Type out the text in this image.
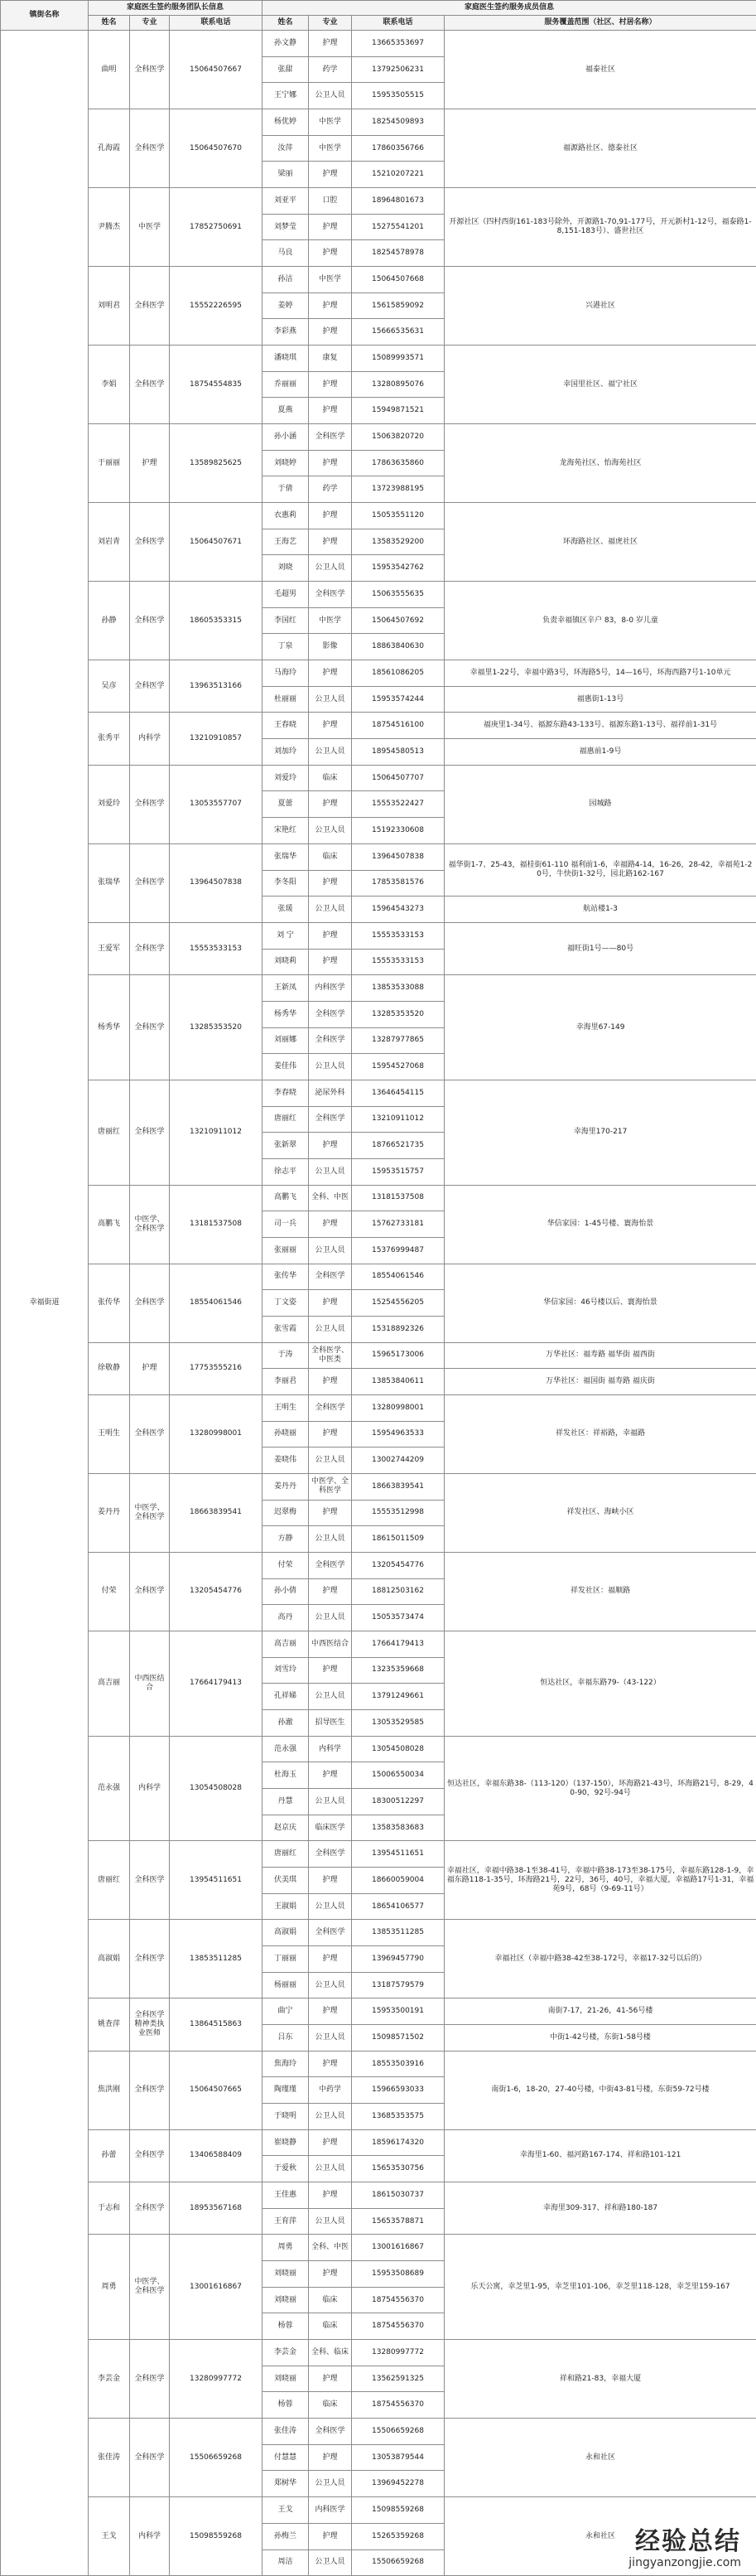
镇街名称	家庭医生签约服务团队长信息			家庭医生签约服务成员信息			
	姓名	专业	联系电话	姓名	专业	联系电话	服务覆盖范围（社区、村居名称）
幸福街道	曲明	全科医学	15064507667	孙文静	护理	13665353697	福泰社区
				张甜	药学	13792506231	
				王宁娜	公卫人员	15953505515	
	孔海霞	全科医学	15064507670	杨优婷	中医学	18254509893	福源路社区、德泰社区
				汝萍	中医学	17860356766	
				梁丽	护理	15210207221	
	尹腾杰	中医学	17852750691	刘亚平	口腔	18964801673	开源社区（四村西街161-183号除外，开源路1-70,91-177号，开元新村1-12号，福泰路1-8,151-183号）、盛世社区
				刘梦莹	护理	15275541201	
				马良	护理	18254578978	
	刘明君	全科医学	15552226595	孙洁	中医学	15064507668	兴港社区
				姜婷	护理	15615859092	
				李彩燕	护理	15666535631	
	李娟	全科医学	18754554835	潘晓琪	康复	15089993571	幸国里社区、福宁社区
				乔丽丽	护理	13280895076	
				夏燕	护理	15949871521	
	于丽丽	护理	13589825625	孙小涵	全科医学	15063820720	龙海苑社区、怡海苑社区
				刘晓婷	护理	17863635860	
				于倩	药学	13723988195	
	刘岩青	全科医学	15064507671	衣惠莉	护理	15053551120	环海路社区、福虎社区
				王海艺	护理	13583529200	
				刘晓	公卫人员	15953542762	
	孙静	全科医学	18605353315	毛超男	全科医学	15063555635	负责幸福镇区辛户 83，8-0 岁儿童
				李国红	中医学	15064507692	
				丁泉	影像	18863840630	
	吴彦	全科医学	13963513166	马海玲	护理	18561086205	幸福里1-22号，幸福中路3号，环海路5号，14—16号，环海西路7号1-10单元
				杜丽丽	公卫人员	15953574244	福惠街1-13号
	张秀平	内科学	13210910857	王春晓	护理	18754516100	福庚里1-34号、福源东路43-133号、福源东路1-13号、福祥前1-31号
				刘加玲	公卫人员	18954580513	福惠前1-9号
	刘爱玲	全科医学	13053557707	刘爱玲	临床	15064507707	园城路
				夏蕾	护理	15553522427	
				宋艳红	公卫人员	15192330608	
	张瑞华	全科医学	13964507838	张瑞华	临床	13964507838	福华街1-7、25-43，福桂街61-110 福利前1-6，幸福路4-14，16-26，28-42，幸福苑1-20号，牛快街1-32号，园北路162-167
				李冬阳	护理	17853581576	
				张瑗	公卫人员	15964543273	航站楼1-3
	王爱军	全科医学	15553533153	刘 宁	护理	15553533153	福旺街1号——80号
				刘晓莉	护理	15553533153	
	杨秀华	全科医学	13285353520	王新凤	内科医学	13853533088	幸海里67-149
				杨秀华	全科医学	13285353520	
				刘丽娜	全科医学	13287977865	
				姜佳伟	公卫人员	15954527068	
	唐丽红	全科医学	13210911012	李春晓	泌尿外科	13646454115	幸海里170-217
				唐丽红	全科医学	13210911012	
				张新翠	护理	18766521735	
				徐志平	公卫人员	15953515757	
	高鹏飞	中医学、全科医学	13181537508	高鹏飞	全科、中医	13181537508	华信家园：1-45号楼、寰海怡景
				司一兵	护理	15762733181	
				张丽丽	公卫人员	15376999487	
	张传华	全科医学	18554061546	张传华	全科医学	18554061546	华信家园：46号楼以后、寰海怡景
				丁文姿	护理	15254556205	
				张雪霞	公卫人员	15318892326	
	徐敬静	护理	17753555216	于涛	全科医学、中医类	15965173006	万华社区：福寿路 福华街 福西街
				李丽君	护理	13853840611	万华社区：福国街 福寿路 福庆街
	王明生	全科医学	13280998001	王明生	全科医学	13280998001	祥发社区：祥裕路，幸福路
				孙晓丽	护理	15954963533	
				姜晓伟	公卫人员	13002744209	
	姜丹丹	中医学、全科医学	18663839541	姜丹丹	中医学、全科医学	18663839541	祥发社区、海峡小区
				迟翠梅	护理	15553512998	
				方静	公卫人员	18615011509	
	付荣	全科医学	13205454776	付荣	全科医学	13205454776	祥发社区：福顺路
				孙小倩	护理	18812503162	
				高丹	公卫人员	15053573474	
	高吉丽	中西医结合	17664179413	高吉丽	中西医结合	17664179413	恒达社区，幸福东路79-（43-122）
				刘雪玲	护理	13235359668	
				孔祥娣	公卫人员	13791249661	
				孙澈	招导医生	13053529585	
	范永强	内科学	13054508028	范永强	内科学	13054508028	恒达社区，幸福东路38-（113-120）（137-150），环海路21-43号，环海路21号，8-29，40-90，92号-94号
				杜海玉	护理	15006550034	
				丹慧	公卫人员	18300512297	
				赵京庆	临床医学	13583583683	
	唐丽红	全科医学	13954511651	唐丽红	全科医学	13954511651	幸福社区，幸福中路38-1至38-41号，幸福中路38-173至38-175号，幸福东路128-1-9，幸福东路118-1-35号，环海路21号，22号，36号，40号，幸福大厦，幸福路17号1-31，幸福苑9号，68号（9-69-11号）
				伏美琪	护理	18660059004	
				王淑娟	公卫人员	18654106577	
	高淑娟	全科医学	13853511285	高淑娟	全科医学	13853511285	幸福社区（幸福中路38-42至38-172号，幸福17-32号以后的）
				丁丽丽	护理	13969457790	
				杨丽丽	公卫人员	13187579579	
	姚查萍	全科医学 精神类执业医师	13864515863	曲宁	护理	15953500191	南街7-17，21-26，41-56号楼
				吕东	公卫人员	15098571502	中街1-42号楼，东街1-58号楼
	焦洪刚	全科医学	15064507665	焦海玲	护理	18553503916	南街1-6，18-20，27-40号楼，中街43-81号楼，东街59-72号楼
				陶瑾瑾	中药学	15966593033	
				于晓明	公卫人员	13685353575	
	孙蕾	全科医学	13406588409	崔晓静	护理	18596174320	幸海里1-60、福河路167-174、祥和路101-121
				于爱秋	公卫人员	15653530756	
	于志和	全科医学	18953567168	王佳惠	护理	18615030737	幸海里309-317、祥和路180-187
				王育萍	公卫人员	15653578871	
	周勇	中医学、全科医学	13001616867	周勇	全科、中医	13001616867	乐天公寓，幸芝里1-95，幸芝里101-106，幸芝里118-128，幸芝里159-167
				刘晓丽	护理	15953508689	
				刘晓丽	临床	18754556370	
				杨蓉	临床	18754556370	
	李芸金	全科医学	13280997772	李芸金	全科、临床	13280997772	祥和路21-83，幸福大厦
				刘晓丽	护理	13562591325	
				杨蓉	临床	18754556370	
	张佳涛	全科医学	15506659268	张佳涛	全科医学	15506659268	永和社区
				付慧慧	护理	13053879544	
				郑树华	公卫人员	13969452278	
	王戈	内科学	15098559268	王戈	内科医学	15098559268	永和社区
				孙梅兰	护理	15265359268	
				周洁	公卫人员	15506659268	
经验总结
jingyanzongjie.com
